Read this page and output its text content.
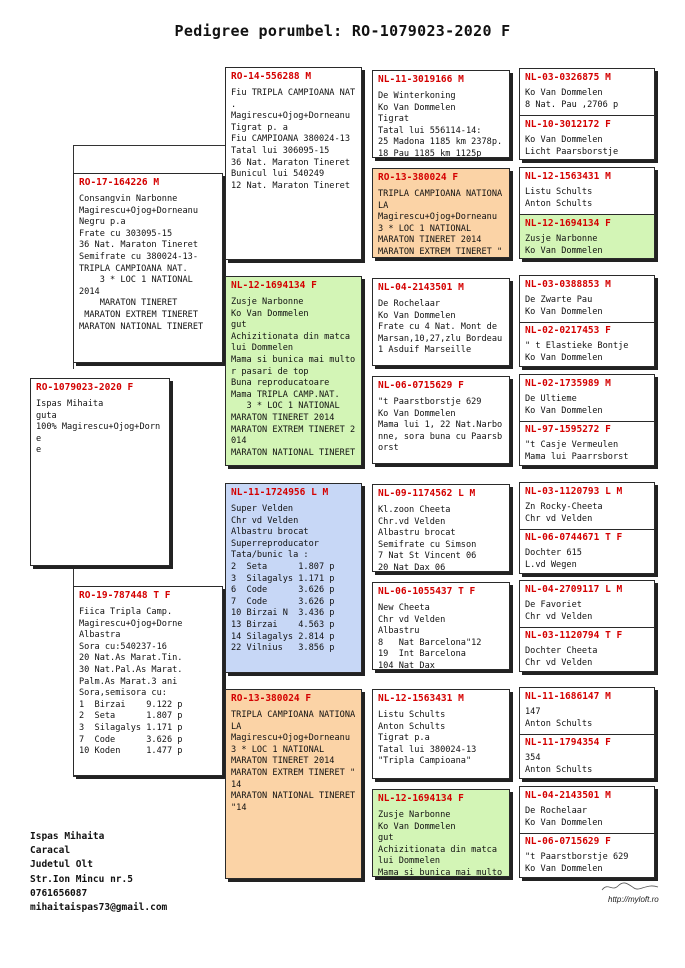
Pedigree porumbel: RO-1079023-2020 F
RO-1079023-2020 F
Ispas Mihaita
guta
100% Magirescu+Ojog+Dorne
e
RO-17-164226 M
Consangvin Narbonne
Magirescu+Ojog+Dorneanu
Negru p.a
Frate cu 303095-15
36 Nat. Maraton Tineret
Semifrate cu 380024-13-
TRIPLA CAMPIOANA NAT.
3 * LOC 1 NATIONAL
2014
MARATON TINERET
MARATON EXTREM TINERET
MARATON NATIONAL TINERET
RO-19-787448 T F
Fiica Tripla Camp.
Magirescu+Ojog+Dorne
Albastra
Sora cu:540237-16
20 Nat.As Marat.Tin.
30 Nat.Pal.As Marat.
Palm.As Marat.3 ani
Sora,semisora cu:
1  Birzai    9.122 p
2  Seta      1.807 p
3  Silagalys 1.171 p
7  Code      3.626 p
10 Koden     1.477 p
RO-14-556288 M
Fiu TRIPLA CAMPIOANA NAT
.
Magirescu+Ojog+Dorneanu
Tigrat p. a
Fiu CAMPIOANA 380024-13
Tatal lui 306095-15
36 Nat. Maraton Tineret
Bunicul lui 540249
12 Nat. Maraton Tineret
NL-12-1694134 F
Zusje Narbonne
Ko Van Dommelen
gut
Achizitionata din matca
lui Dommelen
Mama si bunica mai multo
r pasari de top
Buna reproducatoare
Mama TRIPLA CAMP.NAT.
3 * LOC 1 NATIONAL
MARATON TINERET 2014
MARATON EXTREM TINERET 2
014
MARATON NATIONAL TINERET
NL-11-1724956 L M
Super Velden
Chr vd Velden
Albastru brocat
Superreproducator
Tata/bunic la :
2  Seta      1.807 p
3  Silagalys 1.171 p
6  Code      3.626 p
7  Code      3.626 p
10 Birzai N  3.436 p
13 Birzai    4.563 p
14 Silagalys 2.814 p
22 Vilnius   3.856 p
RO-13-380024 F
TRIPLA CAMPIOANA NATIONA
LA
Magirescu+Ojog+Dorneanu
3 * LOC 1 NATIONAL
MARATON TINERET 2014
MARATON EXTREM TINERET "
14
MARATON NATIONAL TINERET
"14
NL-11-3019166 M
De Winterkoning
Ko Van Dommelen
Tigrat
Tatal lui 556114-14:
25 Madona 1185 km 2378p.
18 Pau 1185 km 1125p
RO-13-380024 F
TRIPLA CAMPIOANA NATIONA
LA
Magirescu+Ojog+Dorneanu
3 * LOC 1 NATIONAL
MARATON TINERET 2014
MARATON EXTREM TINERET "
NL-04-2143501 M
De Rochelaar
Ko Van Dommelen
Frate cu 4 Nat. Mont de
Marsan,10,27,zlu Bordeau
1 Asduif Marseille
NL-06-0715629 F
"t Paarstborstje 629
Ko Van Dommelen
Mama lui 1, 22 Nat.Narbo
nne, sora buna cu Paarsb
orst
NL-09-1174562 L M
Kl.zoon Cheeta
Chr.vd Velden
Albastru brocat
Semifrate cu Simson
7 Nat St Vincent 06
20 Nat Dax 06
NL-06-1055437 T F
New Cheeta
Chr vd Velden
Albastru
8   Nat Barcelona"12
19  Int Barcelona
104 Nat Dax
NL-12-1563431 M
Listu Schults
Anton Schults
Tigrat p.a
Tatal lui 380024-13
"Tripla Campioana"
NL-12-1694134 F
Zusje Narbonne
Ko Van Dommelen
gut
Achizitionata din matca
lui Dommelen
Mama si bunica mai multo
NL-03-0326875 M
Ko Van Dommelen
8 Nat. Pau ,2706 p
NL-10-3012172 F
Ko Van Dommelen
Licht Paarsborstje
NL-12-1563431 M
Listu Schults
Anton Schults
NL-12-1694134 F
Zusje Narbonne
Ko Van Dommelen
NL-03-0388853 M
De Zwarte Pau
Ko Van Dommelen
NL-02-0217453 F
" t Elastieke Bontje
Ko Van Dommelen
NL-02-1735989 M
De Ultieme
Ko Van Dommelen
NL-97-1595272 F
"t Casje Vermeulen
Mama lui Paarrsborst
NL-03-1120793 L M
Zn Rocky-Cheeta
Chr vd Velden
NL-06-0744671 T F
Dochter 615
L.vd Wegen
NL-04-2709117 L M
De Favoriet
Chr vd Velden
NL-03-1120794 T F
Dochter Cheeta
Chr vd Velden
NL-11-1686147 M
147
Anton Schults
NL-11-1794354 F
354
Anton Schults
NL-04-2143501 M
De Rochelaar
Ko Van Dommelen
NL-06-0715629 F
"t Paarstborstje 629
Ko Van Dommelen
Ispas Mihaita
Caracal
Judetul Olt
Str.Ion Mincu nr.5
0761656087
mihaitaispas73@gmail.com
http://myloft.ro
